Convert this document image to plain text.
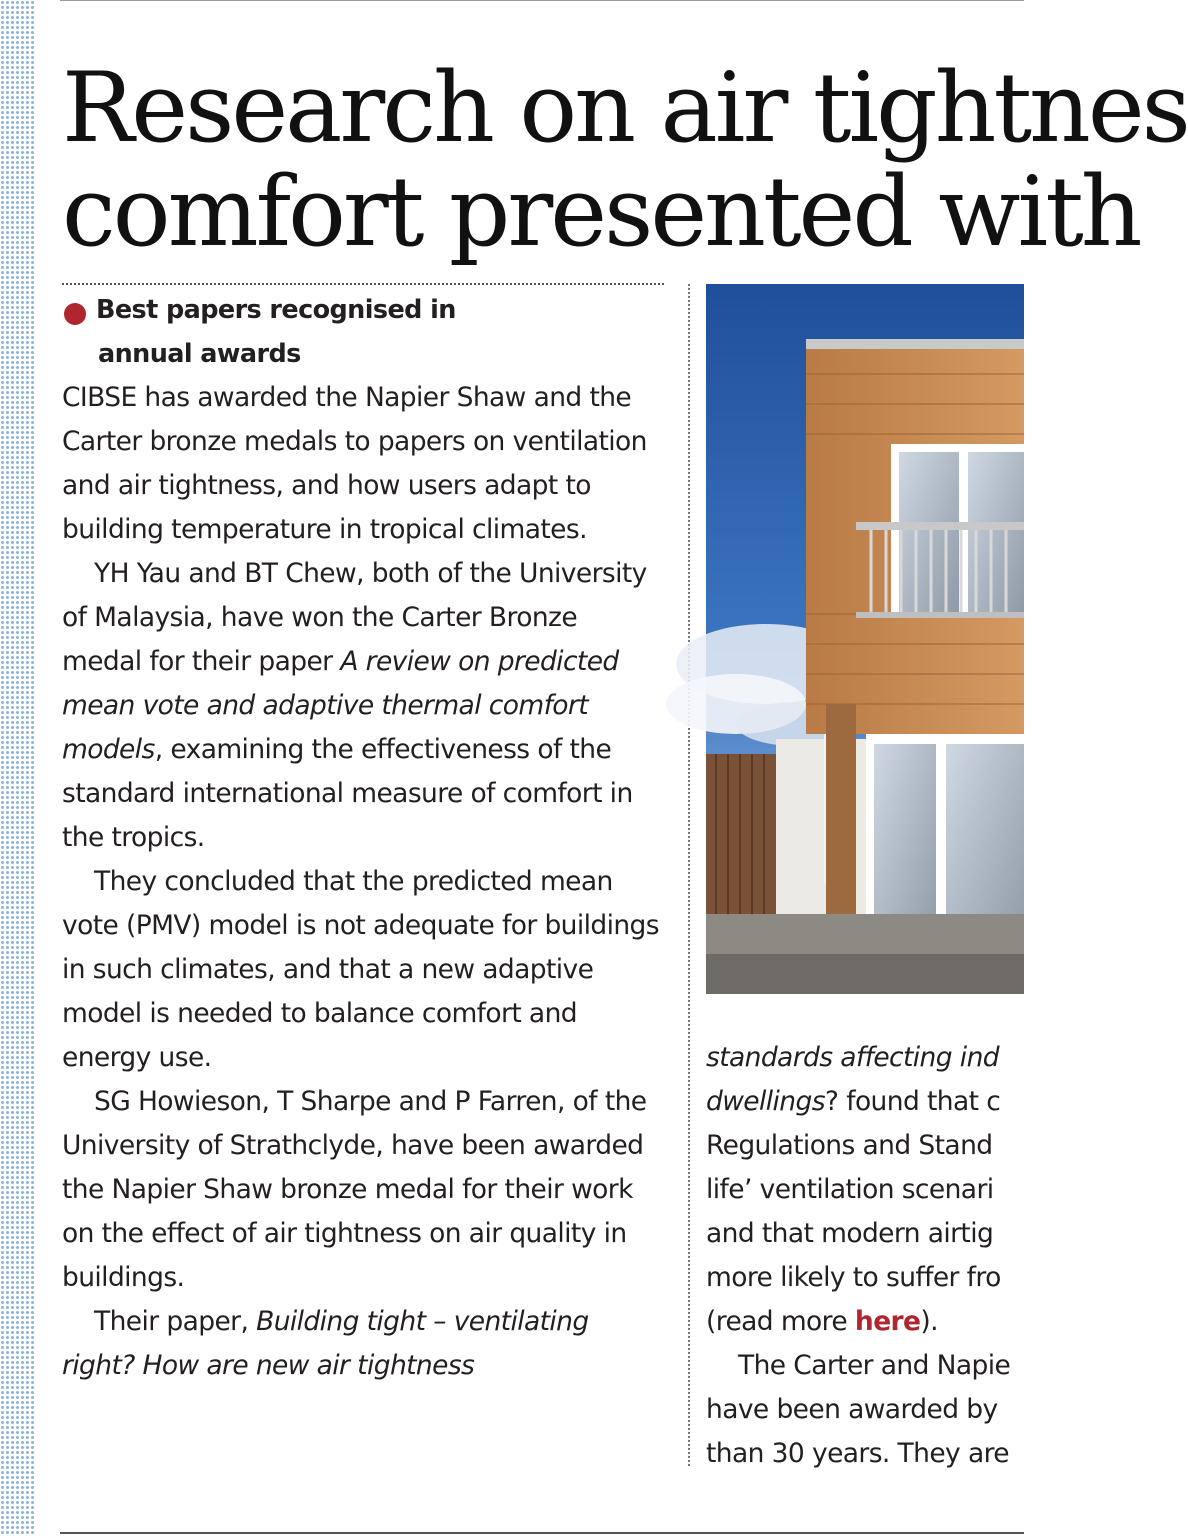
Research on air tightnes
comfort presented with
Best papers recognised in
annual awards

CIBSE has awarded the Napier Shaw and the Carter bronze medals to papers on ventilation and air tightness, and how users adapt to building temperature in tropical climates.

YH Yau and BT Chew, both of the University of Malaysia, have won the Carter Bronze medal for their paper A review on predicted mean vote and adaptive thermal comfort models, examining the effectiveness of the standard international measure of comfort in the tropics.

They concluded that the predicted mean vote (PMV) model is not adequate for buildings in such climates, and that a new adaptive model is needed to balance comfort and energy use.

SG Howieson, T Sharpe and P Farren, of the University of Strathclyde, have been awarded the Napier Shaw bronze medal for their work on the effect of air tightness on air quality in buildings.

Their paper, Building tight – ventilating right? How are new air tightness

standards affecting ind

dwellings? found that c

Regulations and Stand

life’ ventilation scenari

and that modern airtig

more likely to suffer fro

(read more here).

The Carter and Napie

have been awarded by

than 30 years. They are
